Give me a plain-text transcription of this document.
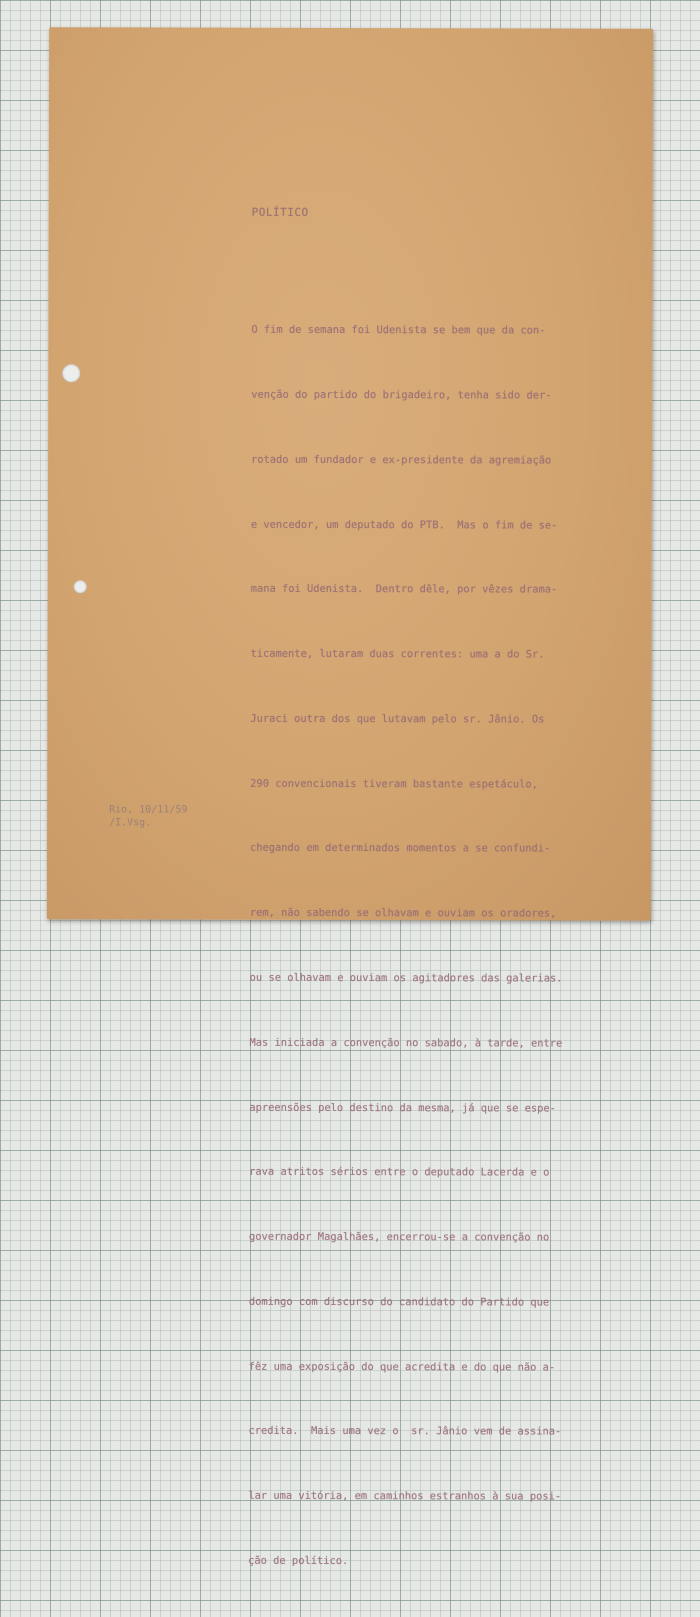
POLÍTICO

O fim de semana foi Udenista se bem que da con-

venção do partido do brigadeiro, tenha sido der-

rotado um fundador e ex-presidente da agremiação

e vencedor, um deputado do PTB.  Mas o fim de se-

mana foi Udenista.  Dentro dêle, por vêzes drama-

ticamente, lutaram duas correntes: uma a do Sr.

Juraci outra dos que lutavam pelo sr. Jânio. Os

290 convencionais tiveram bastante espetáculo,

chegando em determinados momentos a se confundi-

rem, não sabendo se olhavam e ouviam os oradores,

ou se olhavam e ouviam os agitadores das galerias.

Mas iniciada a convenção no sabado, à tarde, entre

apreensões pelo destino da mesma, já que se espe-

rava atritos sérios entre o deputado Lacerda e o

governador Magalhães, encerrou-se a convenção no

domingo com discurso do candidato do Partido que

fêz uma exposição do que acredita e do que não a-

credita.  Mais uma vez o  sr. Jânio vem de assina-

lar uma vitória, em caminhos estranhos à sua posi-

ção de político.

Rio, 10/11/59
/I.Vsg.
